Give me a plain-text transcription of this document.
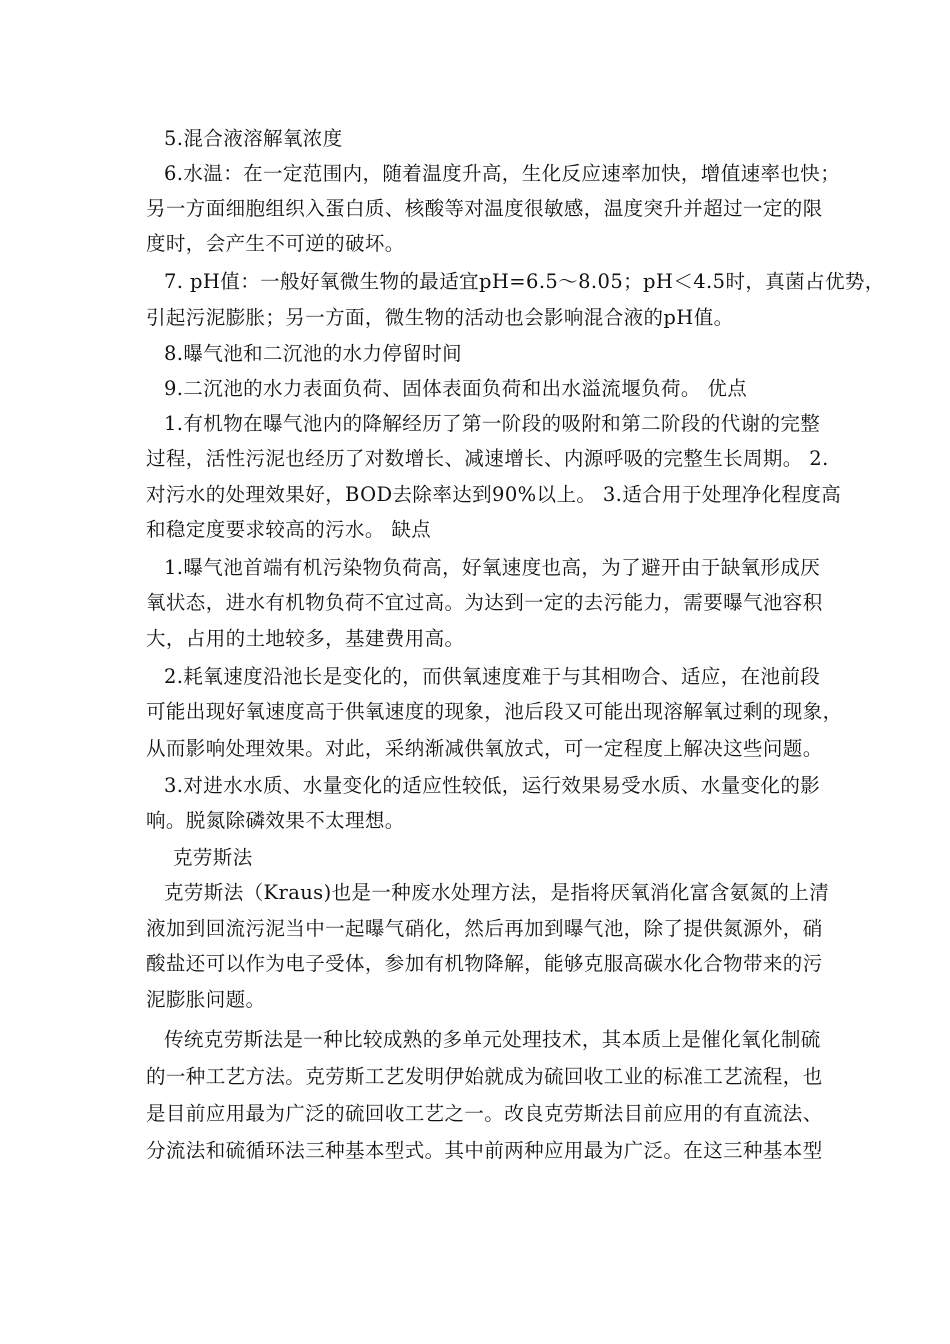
5.混合液溶解氧浓度
6.水温：在一定范围内，随着温度升高，生化反应速率加快，增值速率也快；
另一方面细胞组织入蛋白质、核酸等对温度很敏感，温度突升并超过一定的限
度时，会产生不可逆的破坏。
7. pH值：一般好氧微生物的最适宜pH=6.5～8.05；pH＜4.5时，真菌占优势，
引起污泥膨胀；另一方面，微生物的活动也会影响混合液的pH值。
8.曝气池和二沉池的水力停留时间
9.二沉池的水力表面负荷、固体表面负荷和出水溢流堰负荷。 优点
1.有机物在曝气池内的降解经历了第一阶段的吸附和第二阶段的代谢的完整
过程，活性污泥也经历了对数增长、减速增长、内源呼吸的完整生长周期。 2.
对污水的处理效果好，BOD去除率达到90%以上。 3.适合用于处理净化程度高
和稳定度要求较高的污水。 缺点
1.曝气池首端有机污染物负荷高，好氧速度也高，为了避开由于缺氧形成厌
氧状态，进水有机物负荷不宜过高。为达到一定的去污能力，需要曝气池容积
大，占用的土地较多，基建费用高。
2.耗氧速度沿池长是变化的，而供氧速度难于与其相吻合、适应，在池前段
可能出现好氧速度高于供氧速度的现象，池后段又可能出现溶解氧过剩的现象，
从而影响处理效果。对此，采纳渐减供氧放式，可一定程度上解决这些问题。
3.对进水水质、水量变化的适应性较低，运行效果易受水质、水量变化的影
响。脱氮除磷效果不太理想。
克劳斯法
克劳斯法（Kraus)也是一种废水处理方法，是指将厌氧消化富含氨氮的上清
液加到回流污泥当中一起曝气硝化，然后再加到曝气池，除了提供氮源外，硝
酸盐还可以作为电子受体，参加有机物降解，能够克服高碳水化合物带来的污
泥膨胀问题。
传统克劳斯法是一种比较成熟的多单元处理技术，其本质上是催化氧化制硫
的一种工艺方法。克劳斯工艺发明伊始就成为硫回收工业的标准工艺流程，也
是目前应用最为广泛的硫回收工艺之一。改良克劳斯法目前应用的有直流法、
分流法和硫循环法三种基本型式。其中前两种应用最为广泛。在这三种基本型
